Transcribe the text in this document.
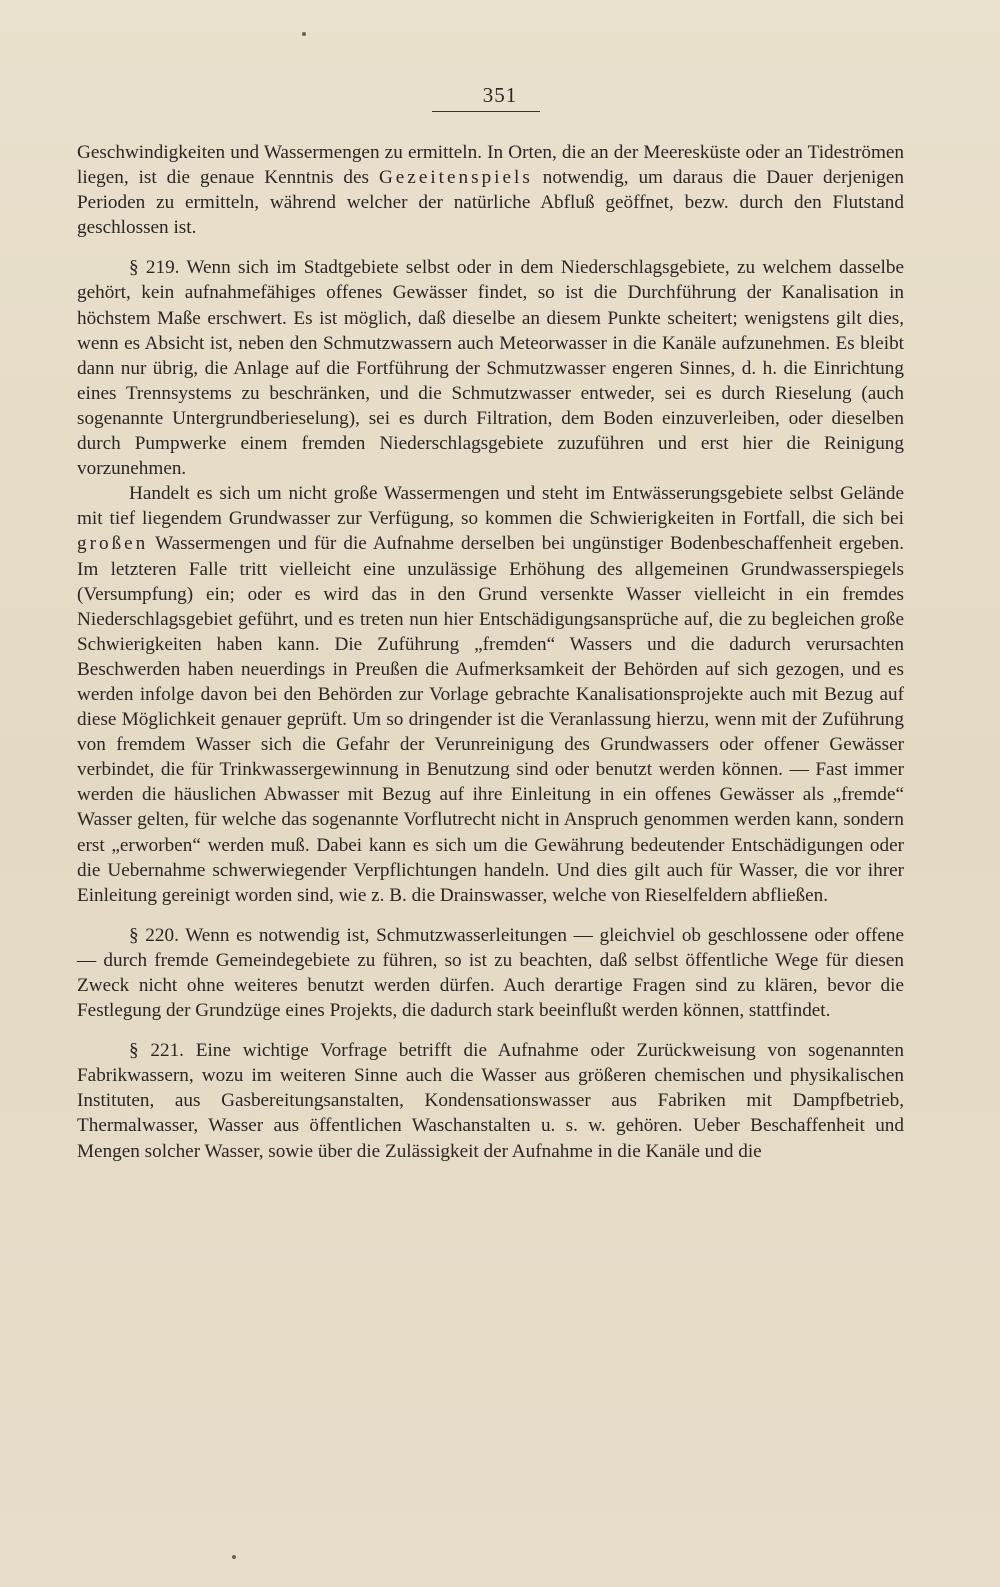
351

Geschwindigkeiten und Wassermengen zu ermitteln. In Orten, die an der Meeresküste oder an Tideströmen liegen, ist die genaue Kenntnis des Gezeitenspiels notwendig, um daraus die Dauer derjenigen Perioden zu ermitteln, während welcher der natürliche Abfluß geöffnet, bezw. durch den Flutstand geschlossen ist.

§ 219. Wenn sich im Stadtgebiete selbst oder in dem Niederschlagsgebiete, zu welchem dasselbe gehört, kein aufnahmefähiges offenes Gewässer findet, so ist die Durchführung der Kanalisation in höchstem Maße erschwert. Es ist möglich, daß dieselbe an diesem Punkte scheitert; wenigstens gilt dies, wenn es Absicht ist, neben den Schmutzwassern auch Meteorwasser in die Kanäle aufzunehmen. Es bleibt dann nur übrig, die Anlage auf die Fortführung der Schmutzwasser engeren Sinnes, d. h. die Einrichtung eines Trennsystems zu beschränken, und die Schmutzwasser entweder, sei es durch Rieselung (auch sogenannte Untergrundberieselung), sei es durch Filtration, dem Boden einzuverleiben, oder dieselben durch Pumpwerke einem fremden Niederschlagsgebiete zuzuführen und erst hier die Reinigung vorzunehmen.

Handelt es sich um nicht große Wassermengen und steht im Entwässerungsgebiete selbst Gelände mit tief liegendem Grundwasser zur Verfügung, so kommen die Schwierigkeiten in Fortfall, die sich bei großen Wassermengen und für die Aufnahme derselben bei ungünstiger Bodenbeschaffenheit ergeben. Im letzteren Falle tritt vielleicht eine unzulässige Erhöhung des allgemeinen Grundwasserspiegels (Versumpfung) ein; oder es wird das in den Grund versenkte Wasser vielleicht in ein fremdes Niederschlagsgebiet geführt, und es treten nun hier Entschädigungsansprüche auf, die zu begleichen große Schwierigkeiten haben kann. Die Zuführung „fremden“ Wassers und die dadurch verursachten Beschwerden haben neuerdings in Preußen die Aufmerksamkeit der Behörden auf sich gezogen, und es werden infolge davon bei den Behörden zur Vorlage gebrachte Kanalisationsprojekte auch mit Bezug auf diese Möglichkeit genauer geprüft. Um so dringender ist die Veranlassung hierzu, wenn mit der Zuführung von fremdem Wasser sich die Gefahr der Verunreinigung des Grundwassers oder offener Gewässer verbindet, die für Trinkwassergewinnung in Benutzung sind oder benutzt werden können. — Fast immer werden die häuslichen Abwasser mit Bezug auf ihre Einleitung in ein offenes Gewässer als „fremde“ Wasser gelten, für welche das sogenannte Vorflutrecht nicht in Anspruch genommen werden kann, sondern erst „erworben“ werden muß. Dabei kann es sich um die Gewährung bedeutender Entschädigungen oder die Uebernahme schwerwiegender Verpflichtungen handeln. Und dies gilt auch für Wasser, die vor ihrer Einleitung gereinigt worden sind, wie z. B. die Drainswasser, welche von Rieselfeldern abfließen.

§ 220. Wenn es notwendig ist, Schmutzwasserleitungen — gleichviel ob geschlossene oder offene — durch fremde Gemeindegebiete zu führen, so ist zu beachten, daß selbst öffentliche Wege für diesen Zweck nicht ohne weiteres benutzt werden dürfen. Auch derartige Fragen sind zu klären, bevor die Festlegung der Grundzüge eines Projekts, die dadurch stark beeinflußt werden können, stattfindet.

§ 221. Eine wichtige Vorfrage betrifft die Aufnahme oder Zurückweisung von sogenannten Fabrikwassern, wozu im weiteren Sinne auch die Wasser aus größeren chemischen und physikalischen Instituten, aus Gasbereitungsanstalten, Kondensationswasser aus Fabriken mit Dampfbetrieb, Thermalwasser, Wasser aus öffentlichen Waschanstalten u. s. w. gehören. Ueber Beschaffenheit und Mengen solcher Wasser, sowie über die Zulässigkeit der Aufnahme in die Kanäle und die
